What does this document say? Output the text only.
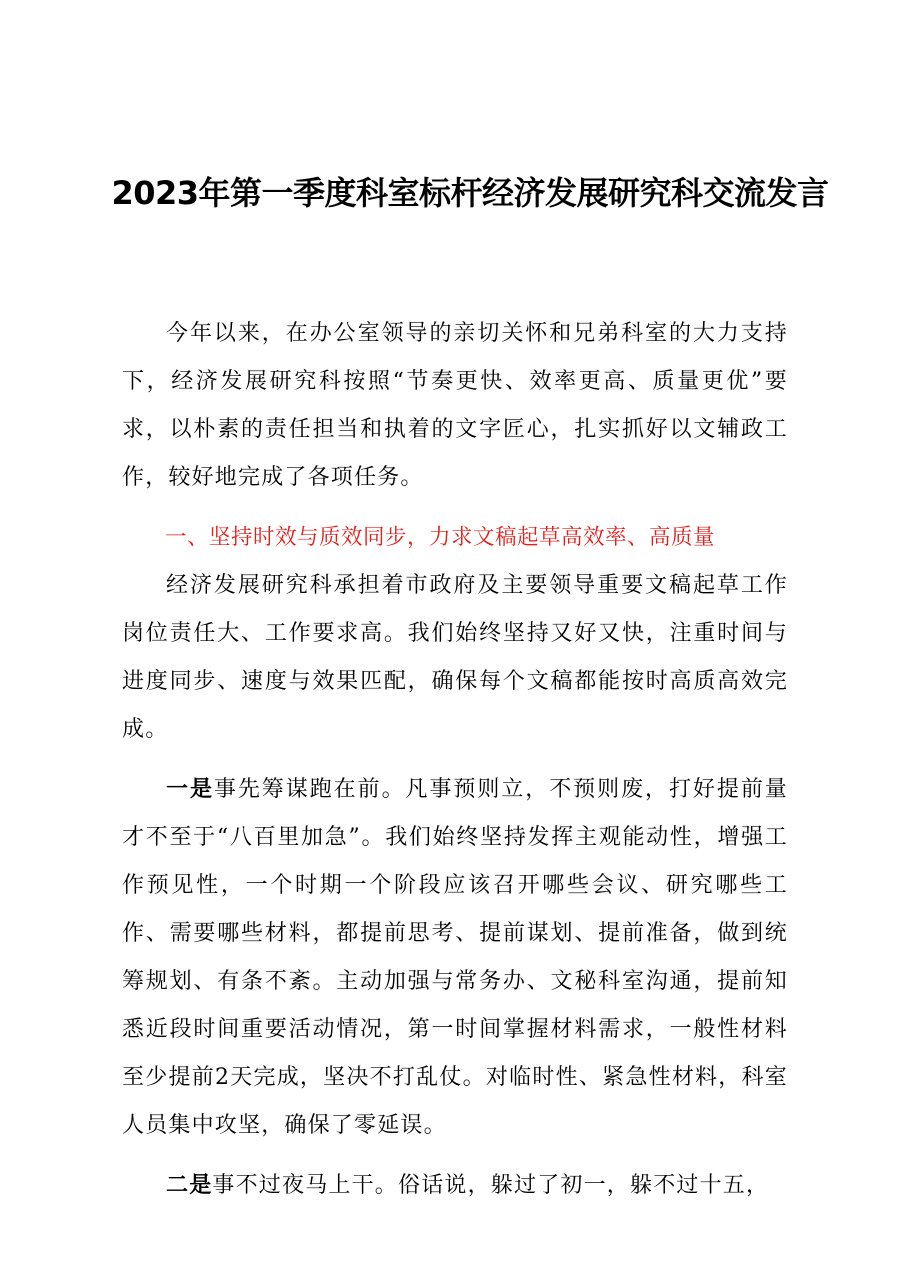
2023年第一季度科室标杆经济发展研究科交流发言

今年以来，在办公室领导的亲切关怀和兄弟科室的大力支持下，经济发展研究科按照“节奏更快、效率更高、质量更优”要求，以朴素的责任担当和执着的文字匠心，扎实抓好以文辅政工作，较好地完成了各项任务。

一、坚持时效与质效同步，力求文稿起草高效率、高质量

经济发展研究科承担着市政府及主要领导重要文稿起草工作岗位责任大、工作要求高。我们始终坚持又好又快，注重时间与进度同步、速度与效果匹配，确保每个文稿都能按时高质高效完成。

一是事先筹谋跑在前。凡事预则立，不预则废，打好提前量才不至于“八百里加急”。我们始终坚持发挥主观能动性，增强工作预见性，一个时期一个阶段应该召开哪些会议、研究哪些工作、需要哪些材料，都提前思考、提前谋划、提前准备，做到统筹规划、有条不紊。主动加强与常务办、文秘科室沟通，提前知悉近段时间重要活动情况，第一时间掌握材料需求，一般性材料至少提前2天完成，坚决不打乱仗。对临时性、紧急性材料，科室人员集中攻坚，确保了零延误。

二是事不过夜马上干。俗话说，躲过了初一，躲不过十五，
